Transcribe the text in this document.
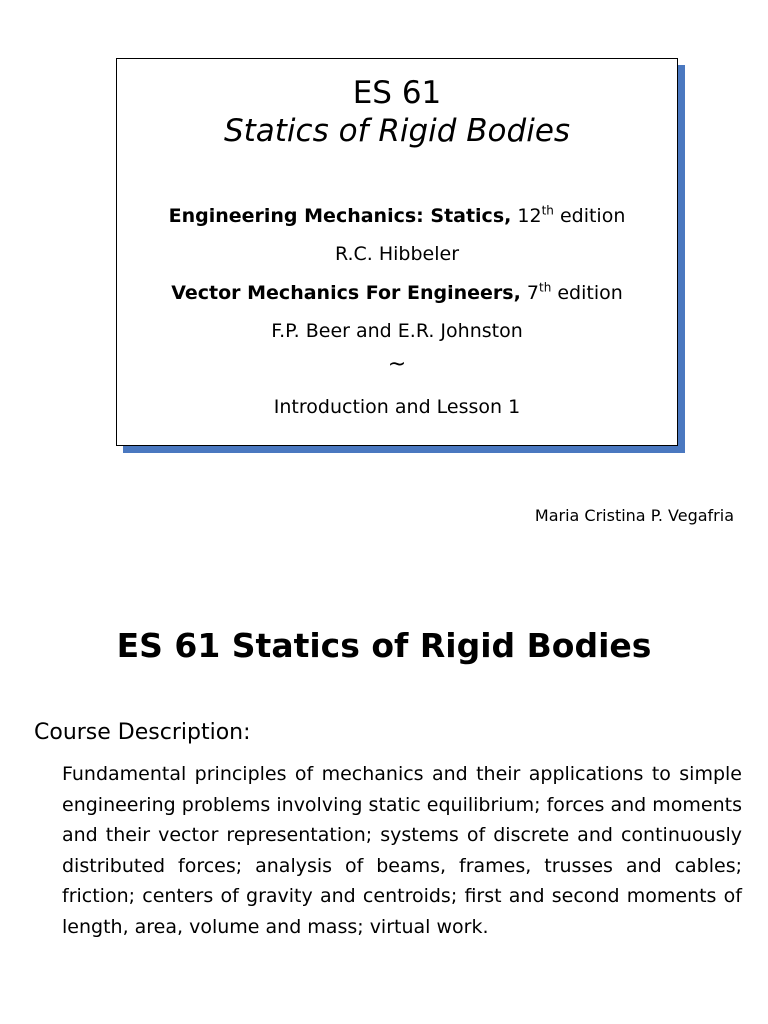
ES 61
Statics of Rigid Bodies
Engineering Mechanics: Statics, 12th edition
R.C. Hibbeler
Vector Mechanics For Engineers, 7th edition
F.P. Beer and E.R. Johnston
~
Introduction and Lesson 1
Maria Cristina P. Vegafria
ES 61 Statics of Rigid Bodies
Course Description:

Fundamental principles of mechanics and their applications to simple engineering problems involving static equilibrium; forces and moments and their vector representation; systems of discrete and continuously distributed forces; analysis of beams, frames, trusses and cables; friction; centers of gravity and centroids; first and second moments of length, area, volume and mass; virtual work.
